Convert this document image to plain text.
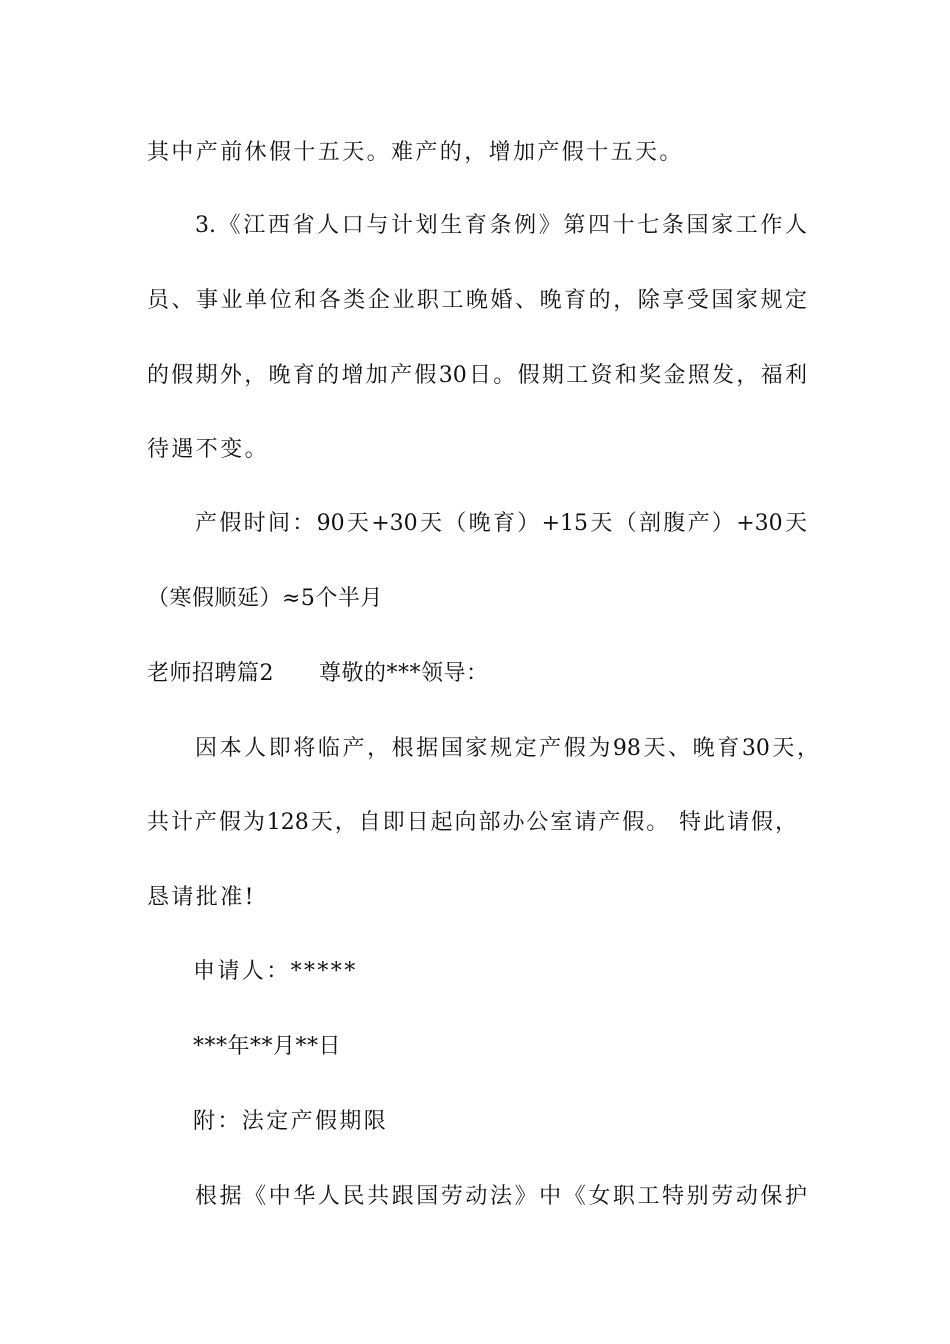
其中产前休假十五天。难产的，增加产假十五天。
3.《江西省人口与计划生育条例》第四十七条国家工作人
员、事业单位和各类企业职工晚婚、晚育的，除享受国家规定
的假期外，晚育的增加产假30日。假期工资和奖金照发，福利
待遇不变。
产假时间：90天+30天（晚育）+15天（剖腹产）+30天
（寒假顺延）≈5个半月
老师招聘篇2　　尊敬的***领导：
因本人即将临产，根据国家规定产假为98天、晚育30天，
共计产假为128天，自即日起向部办公室请产假。 特此请假，
恳请批准!
申请人：*****
***年**月**日
附：法定产假期限
根据《中华人民共跟国劳动法》中《女职工特别劳动保护
